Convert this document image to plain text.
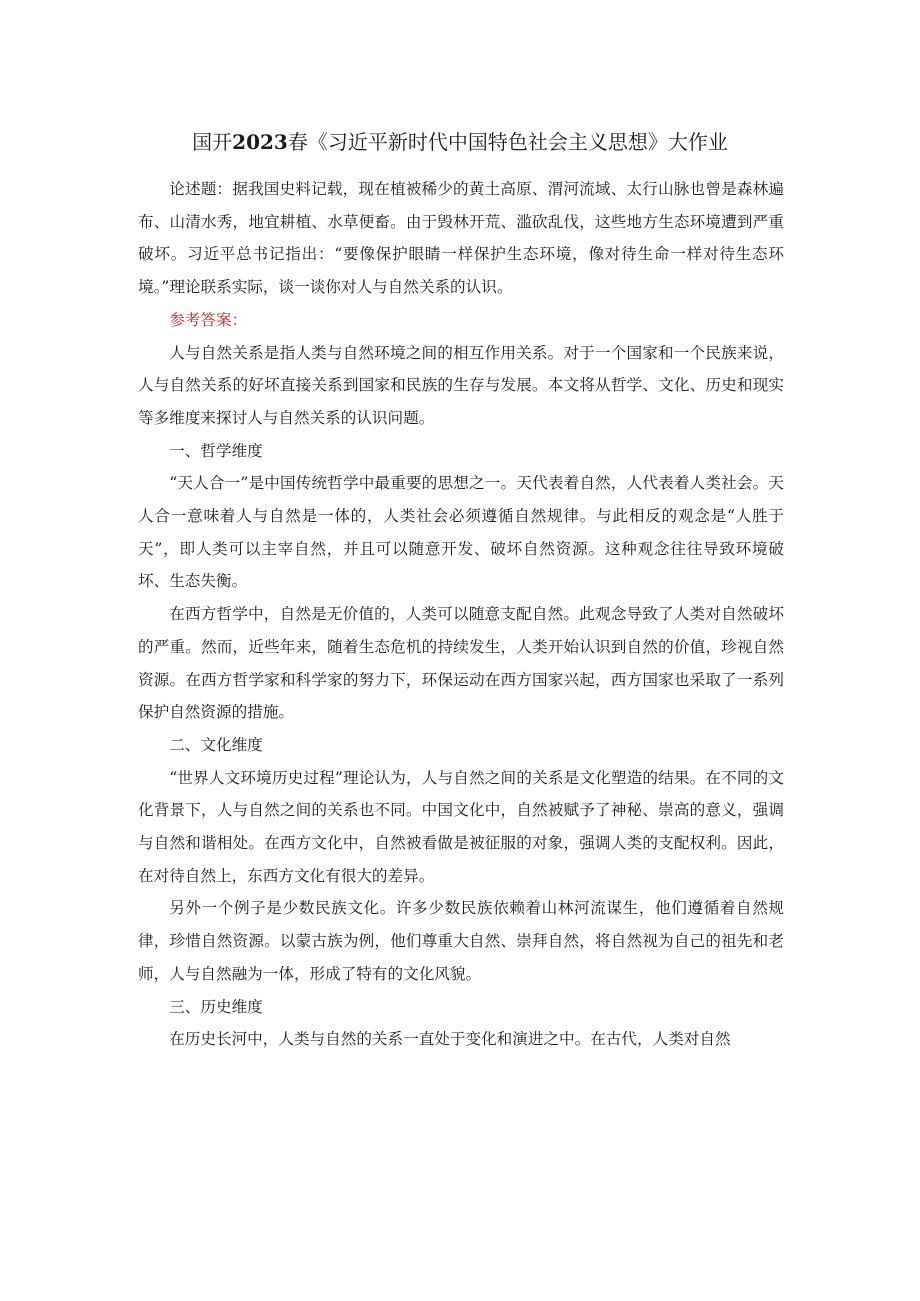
国开2023春《习近平新时代中国特色社会主义思想》大作业

论述题：据我国史料记载，现在植被稀少的黄土高原、渭河流域、太行山脉也曾是森林遍布、山清水秀，地宜耕植、水草便畜。由于毁林开荒、滥砍乱伐，这些地方生态环境遭到严重破坏。习近平总书记指出：“要像保护眼睛一样保护生态环境，像对待生命一样对待生态环境。”理论联系实际，谈一谈你对人与自然关系的认识。

参考答案：

人与自然关系是指人类与自然环境之间的相互作用关系。对于一个国家和一个民族来说，人与自然关系的好坏直接关系到国家和民族的生存与发展。本文将从哲学、文化、历史和现实等多维度来探讨人与自然关系的认识问题。

一、哲学维度

“天人合一”是中国传统哲学中最重要的思想之一。天代表着自然，人代表着人类社会。天人合一意味着人与自然是一体的，人类社会必须遵循自然规律。与此相反的观念是“人胜于天”，即人类可以主宰自然，并且可以随意开发、破坏自然资源。这种观念往往导致环境破坏、生态失衡。

在西方哲学中，自然是无价值的，人类可以随意支配自然。此观念导致了人类对自然破坏的严重。然而，近些年来，随着生态危机的持续发生，人类开始认识到自然的价值，珍视自然资源。在西方哲学家和科学家的努力下，环保运动在西方国家兴起，西方国家也采取了一系列保护自然资源的措施。

二、文化维度

“世界人文环境历史过程”理论认为，人与自然之间的关系是文化塑造的结果。在不同的文化背景下，人与自然之间的关系也不同。中国文化中，自然被赋予了神秘、崇高的意义，强调与自然和谐相处。在西方文化中，自然被看做是被征服的对象，强调人类的支配权利。因此，在对待自然上，东西方文化有很大的差异。

另外一个例子是少数民族文化。许多少数民族依赖着山林河流谋生，他们遵循着自然规律，珍惜自然资源。以蒙古族为例，他们尊重大自然、崇拜自然，将自然视为自己的祖先和老师，人与自然融为一体，形成了特有的文化风貌。

三、历史维度

在历史长河中，人类与自然的关系一直处于变化和演进之中。在古代，人类对自然
